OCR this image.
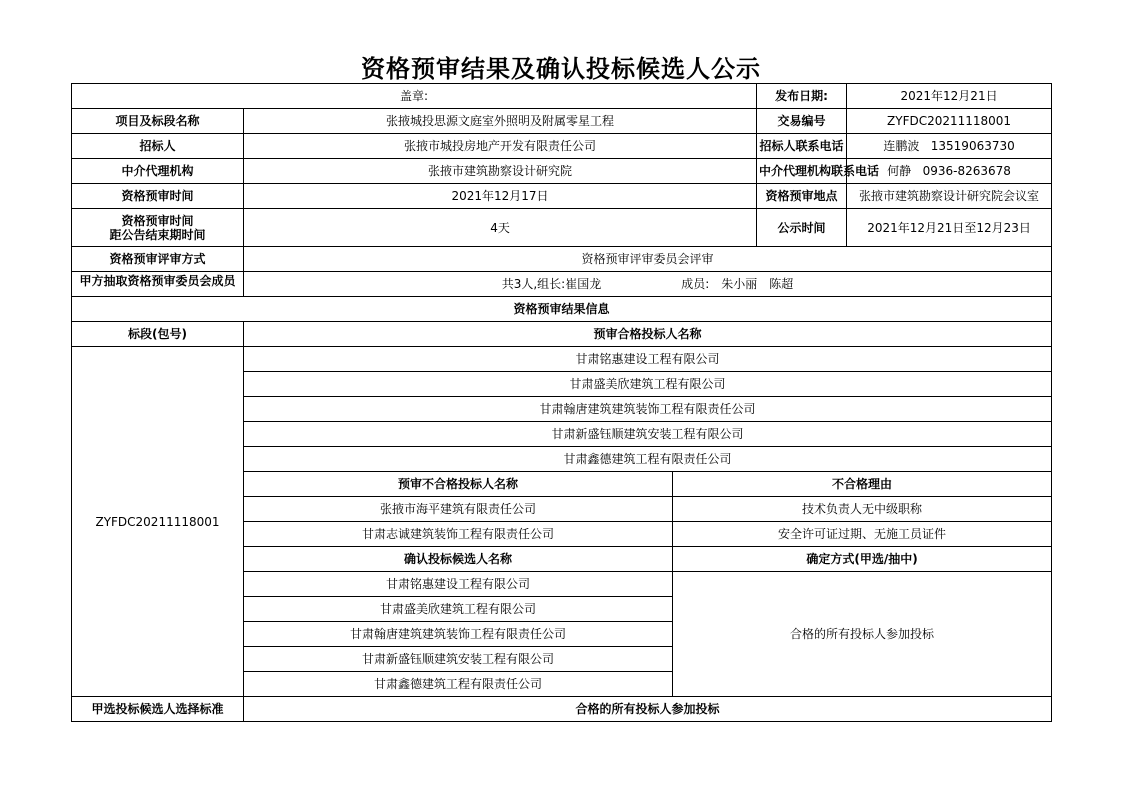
资格预审结果及确认投标候选人公示
盖章:			发布日期:	2021年12月21日
项目及标段名称	张掖城投思源文庭室外照明及附属零星工程		交易编号	ZYFDC20211118001
招标人	张掖市城投房地产开发有限责任公司		招标人联系电话	连鹏波   13519063730
中介代理机构	张掖市建筑勘察设计研究院		中介代理机构联系电话	何静   0936-8263678
资格预审时间	2021年12月17日		资格预审地点	张掖市建筑勘察设计研究院会议室

资格预审时间
距公告结束期时间	4天		公示时间	2021年12月21日至12月23日
资格预审评审方式	资格预审评审委员会评审			

甲方抽取资格预审委员会成员	共3人,组长:崔国龙 成员: 朱小丽 陈超			
资格预审结果信息				
标段(包号)	预审合格投标人名称			
ZYFDC20211118001	甘肃铭惠建设工程有限公司			
	甘肃盛美欣建筑工程有限公司			
	甘肃翰唐建筑建筑装饰工程有限责任公司			
	甘肃新盛钰顺建筑安装工程有限公司			
	甘肃鑫德建筑工程有限责任公司			
	预审不合格投标人名称	不合格理由		
	张掖市海平建筑有限责任公司	技术负责人无中级职称		
	甘肃志诚建筑装饰工程有限责任公司	安全许可证过期、无施工员证件		
	确认投标候选人名称	确定方式(甲选/抽中)		
	甘肃铭惠建设工程有限公司	合格的所有投标人参加投标		
	甘肃盛美欣建筑工程有限公司			
	甘肃翰唐建筑建筑装饰工程有限责任公司			
	甘肃新盛钰顺建筑安装工程有限公司			
	甘肃鑫德建筑工程有限责任公司			
甲选投标候选人选择标准	合格的所有投标人参加投标			
